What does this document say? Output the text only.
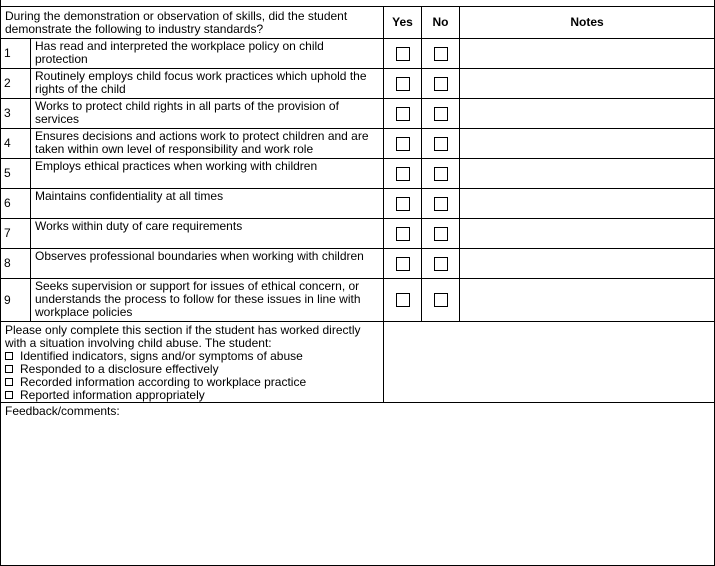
During the demonstration or observation of skills, did the student demonstrate the following to industry standards?		Yes	No	Notes
1	Has read and interpreted the workplace policy on child protection			
2	Routinely employs child focus work practices which uphold the rights of the child			
3	Works to protect child rights in all parts of the provision of services			
4	Ensures decisions and actions work to protect children and are taken within own level of responsibility and work role			
5	Employs ethical practices when working with children			
6	Maintains confidentiality at all times			
7	Works within duty of care requirements			
8	Observes professional boundaries when working with children			
9	Seeks supervision or support for issues of ethical concern, or understands the process to follow for these issues in line with workplace policies			
Please only complete this section if the student has worked directly with a situation involving child abuse. The student:
Identified indicators, signs and/or symptoms of abuse
Responded to a disclosure effectively
Recorded information according to workplace practice
Reported information appropriately				

Feedback/comments:				
